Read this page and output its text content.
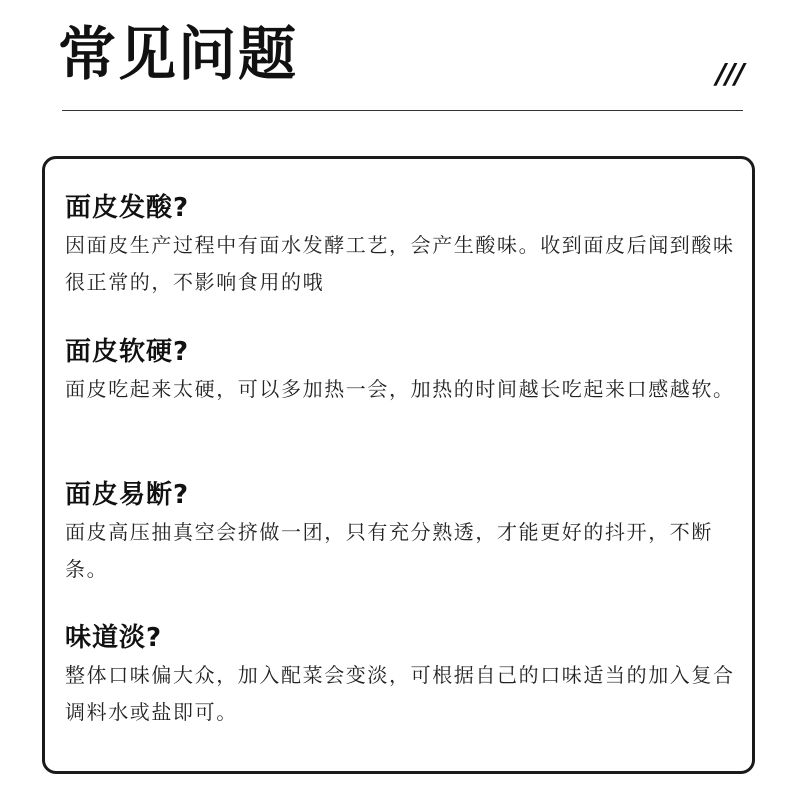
常见问题	///
面皮发酸?
因面皮生产过程中有面水发酵工艺，会产生酸味。收到面皮后闻到酸味很正常的，不影响食用的哦
面皮软硬?
面皮吃起来太硬，可以多加热一会，加热的时间越长吃起来口感越软。
面皮易断?
面皮高压抽真空会挤做一团，只有充分熟透，才能更好的抖开，不断条。
味道淡?
整体口味偏大众，加入配菜会变淡，可根据自己的口味适当的加入复合调料水或盐即可。
